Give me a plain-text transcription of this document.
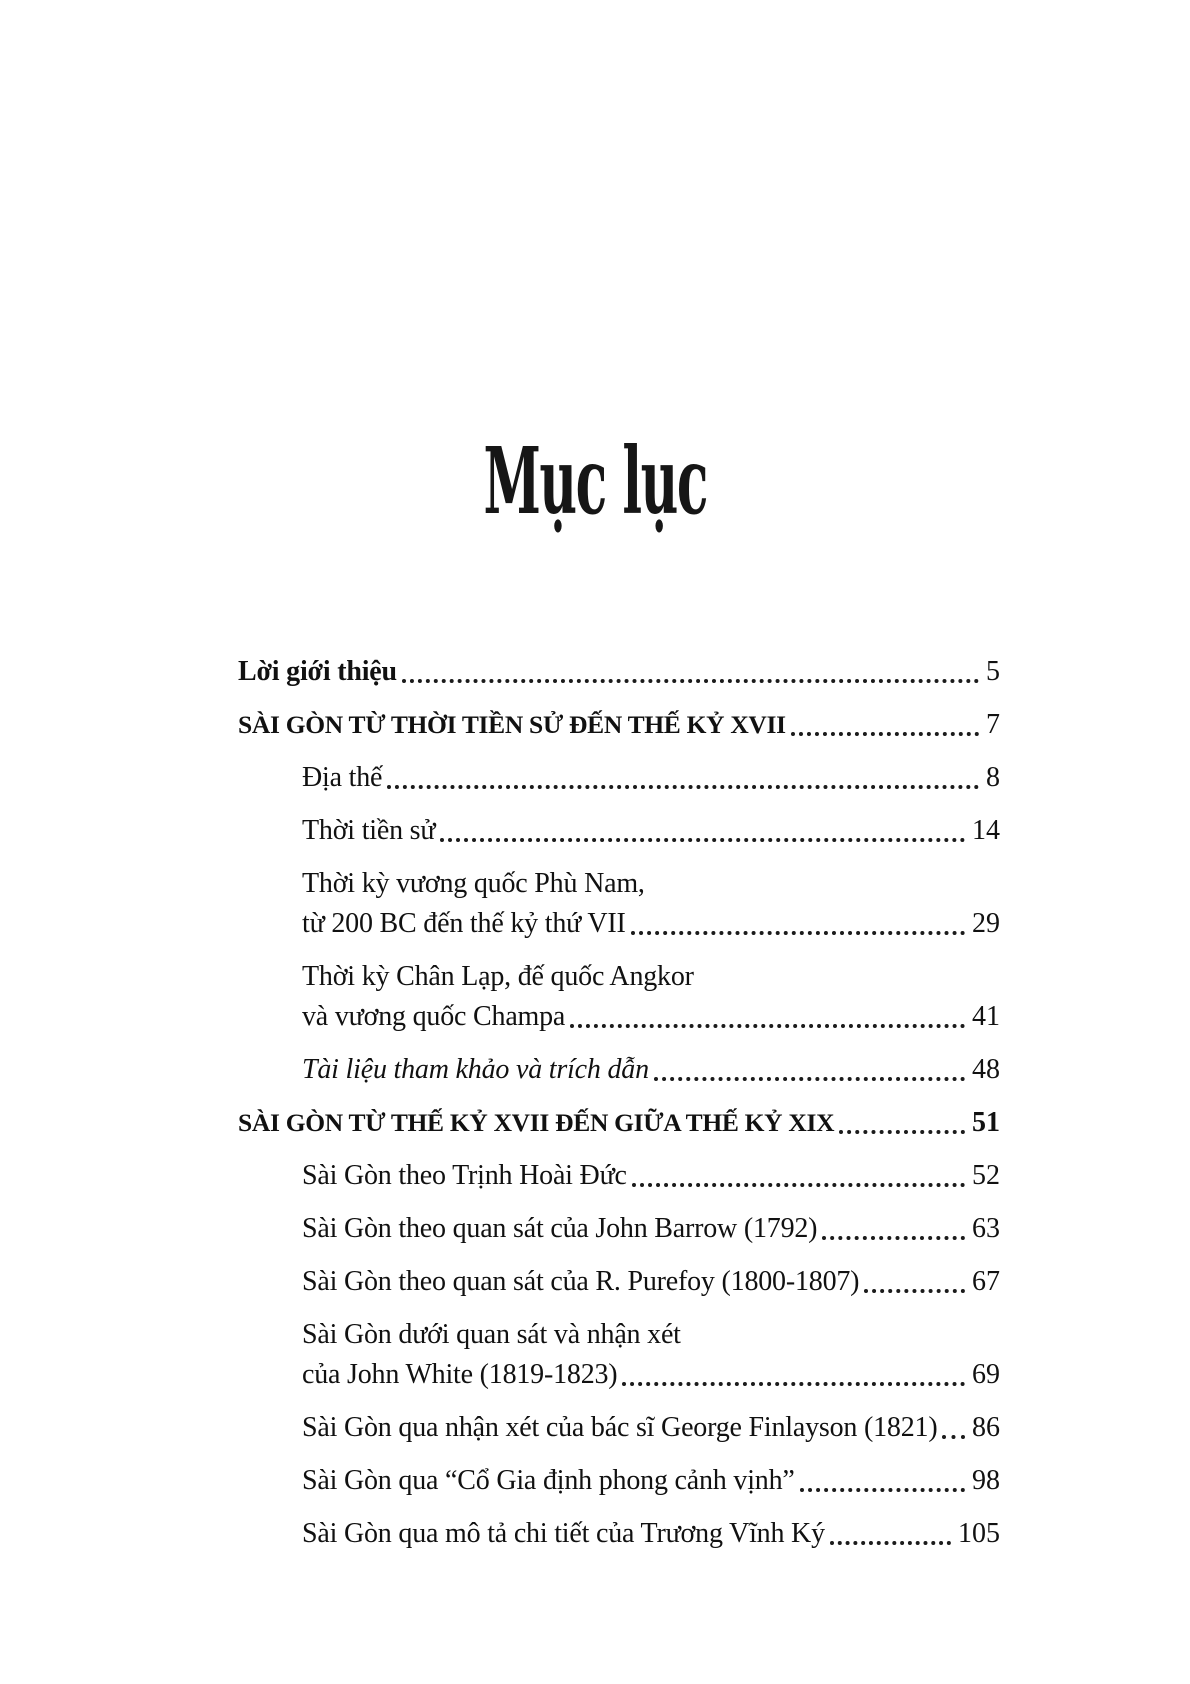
Mục lục
Lời giới thiệu	5
SÀI GÒN TỪ THỜI TIỀN SỬ ĐẾN THẾ KỶ XVII	7
Địa thế	8
Thời tiền sử	14
Thời kỳ vương quốc Phù Nam,
từ 200 BC đến thế kỷ thứ VII	29
Thời kỳ Chân Lạp, đế quốc Angkor
và vương quốc Champa	41
Tài liệu tham khảo và trích dẫn	48
SÀI GÒN TỪ THẾ KỶ XVII ĐẾN GIỮA THẾ KỶ XIX	51
Sài Gòn theo Trịnh Hoài Đức	52
Sài Gòn theo quan sát của John Barrow (1792)	63
Sài Gòn theo quan sát của R. Purefoy (1800-1807)	67
Sài Gòn dưới quan sát và nhận xét
của John White (1819-1823)	69
Sài Gòn qua nhận xét của bác sĩ George Finlayson (1821) 86
Sài Gòn qua “Cổ Gia định phong cảnh vịnh”	98
Sài Gòn qua mô tả chi tiết của Trương Vĩnh Ký	105
